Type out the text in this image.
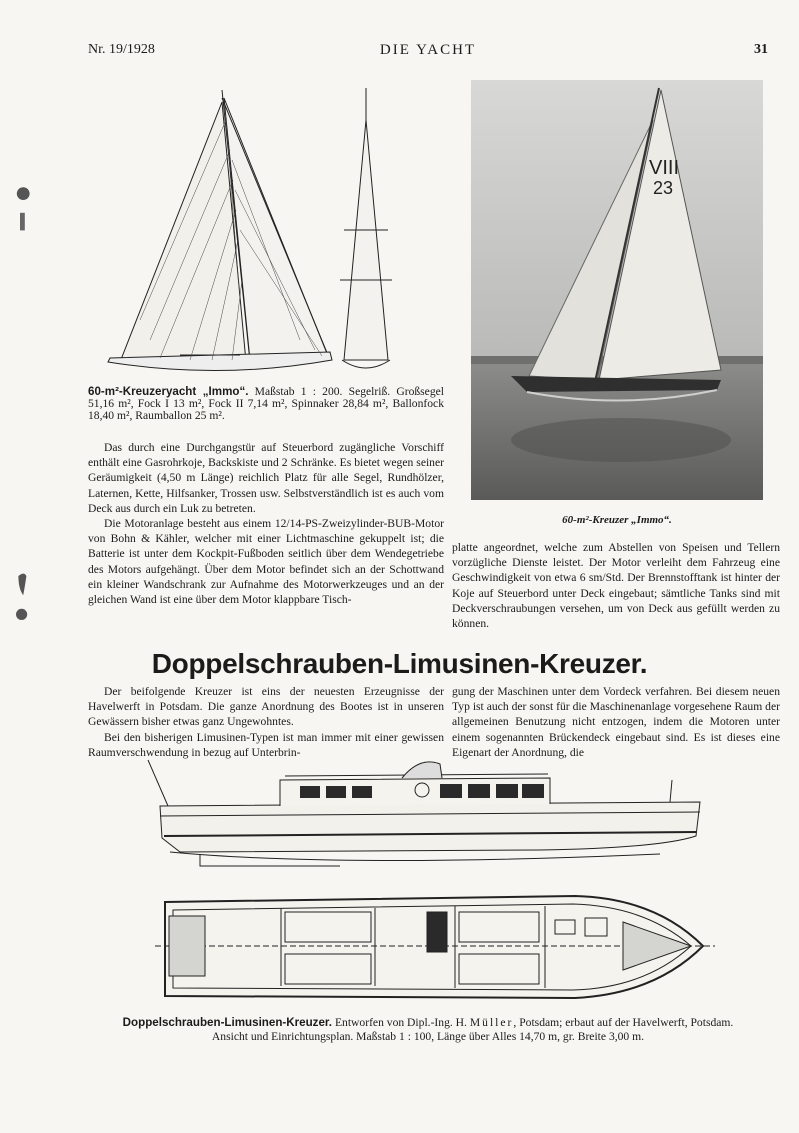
Nr. 19/1928	DIE YACHT	31
60-m²-Kreuzeryacht „Immo“. Maßstab 1 : 200. Segelriß. Großsegel 51,16 m², Fock I 13 m², Fock II 7,14 m², Spinnaker 28,84 m², Ballonfock 18,40 m², Raumballon 25 m².
VIII
23
60-m²-Kreuzer „Immo“.

Das durch eine Durchgangstür auf Steuerbord zugängliche Vorschiff enthält eine Gasrohrkoje, Backskiste und 2 Schränke. Es bietet wegen seiner Geräumigkeit (4,50 m Länge) reichlich Platz für alle Segel, Rundhölzer, Laternen, Kette, Hilfsanker, Trossen usw. Selbstverständlich ist es auch vom Deck aus durch ein Luk zu betreten.

Die Motoranlage besteht aus einem 12/14-PS-Zweizylinder-BUB-Motor von Bohn & Kähler, welcher mit einer Lichtmaschine gekuppelt ist; die Batterie ist unter dem Kockpit-Fußboden seitlich über dem Wendegetriebe des Motors aufgehängt. Über dem Motor befindet sich an der Schottwand ein kleiner Wandschrank zur Aufnahme des Motorwerkzeuges und an der gleichen Wand ist eine über dem Motor klappbare Tisch-

platte angeordnet, welche zum Abstellen von Speisen und Tellern vorzügliche Dienste leistet. Der Motor verleiht dem Fahrzeug eine Geschwindigkeit von etwa 6 sm/Std. Der Brennstofftank ist hinter der Koje auf Steuerbord unter Deck eingebaut; sämtliche Tanks sind mit Deckverschraubungen versehen, um von Deck aus gefüllt werden zu können.

Doppelschrauben-Limusinen-Kreuzer.

Der beifolgende Kreuzer ist eins der neuesten Erzeugnisse der Havelwerft in Potsdam. Die ganze Anordnung des Bootes ist in unseren Gewässern bisher etwas ganz Ungewohntes.

Bei den bisherigen Limusinen-Typen ist man immer mit einer gewissen Raumverschwendung in bezug auf Unterbrin-

gung der Maschinen unter dem Vordeck verfahren. Bei diesem neuen Typ ist auch der sonst für die Maschinenanlage vorgesehene Raum der allgemeinen Benutzung nicht entzogen, indem die Motoren unter einem sogenannten Brückendeck eingebaut sind. Es ist dieses eine Eigenart der Anordnung, die

Doppelschrauben-Limusinen-Kreuzer. Entworfen von Dipl.-Ing. H. Müller, Potsdam; erbaut auf der Havelwerft, Potsdam.
Ansicht und Einrichtungsplan. Maßstab 1 : 100, Länge über Alles 14,70 m, gr. Breite 3,00 m.
